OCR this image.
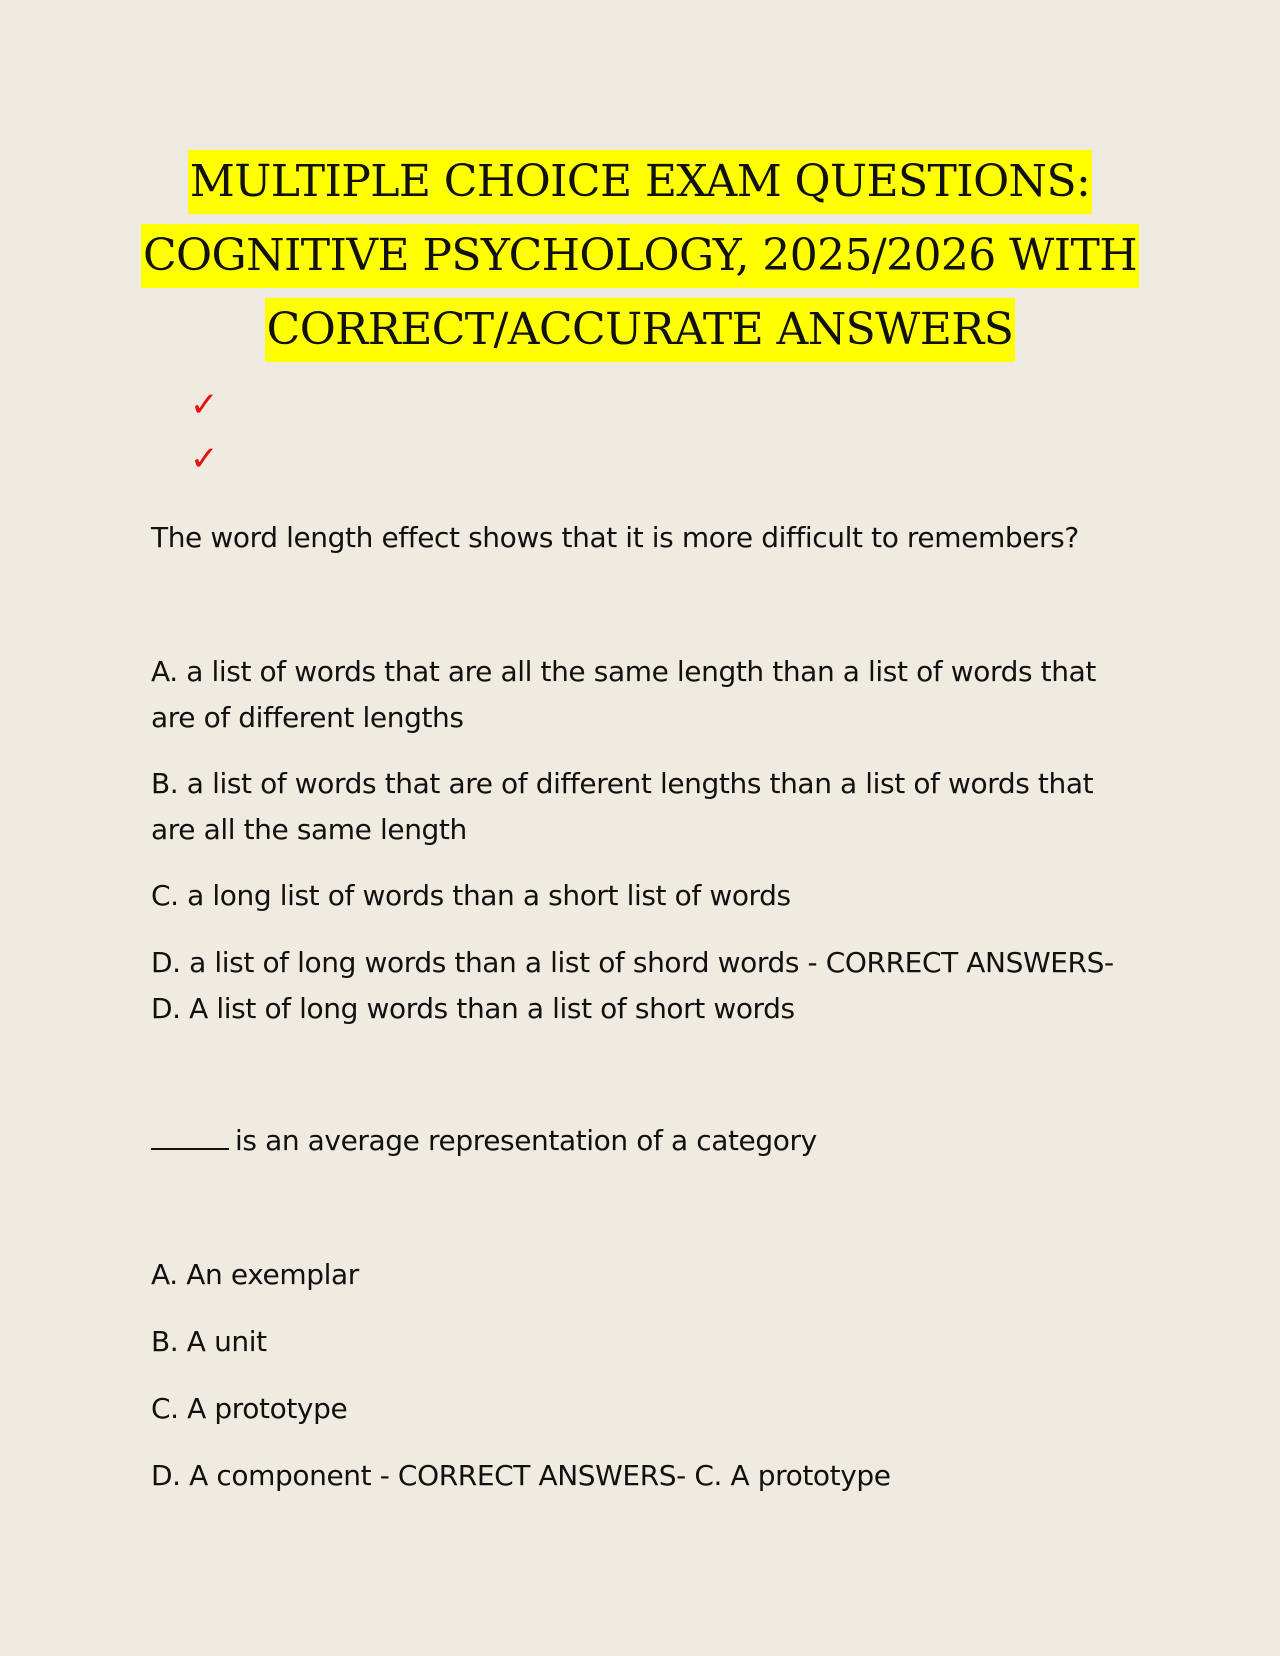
MULTIPLE CHOICE EXAM QUESTIONS:
COGNITIVE PSYCHOLOGY, 2025/2026 WITH
CORRECT/ACCURATE ANSWERS
✓
✓

The word length effect shows that it is more difficult to remembers?

A. a list of words that are all the same length than a list of words that are of different lengths

B. a list of words that are of different lengths than a list of words that are all the same length

C. a long list of words than a short list of words

D. a list of long words than a list of shord words - CORRECT ANSWERS- D. A list of long words than a list of short words

is an average representation of a category

A. An exemplar

B. A unit

C. A prototype

D. A component - CORRECT ANSWERS- C. A prototype
